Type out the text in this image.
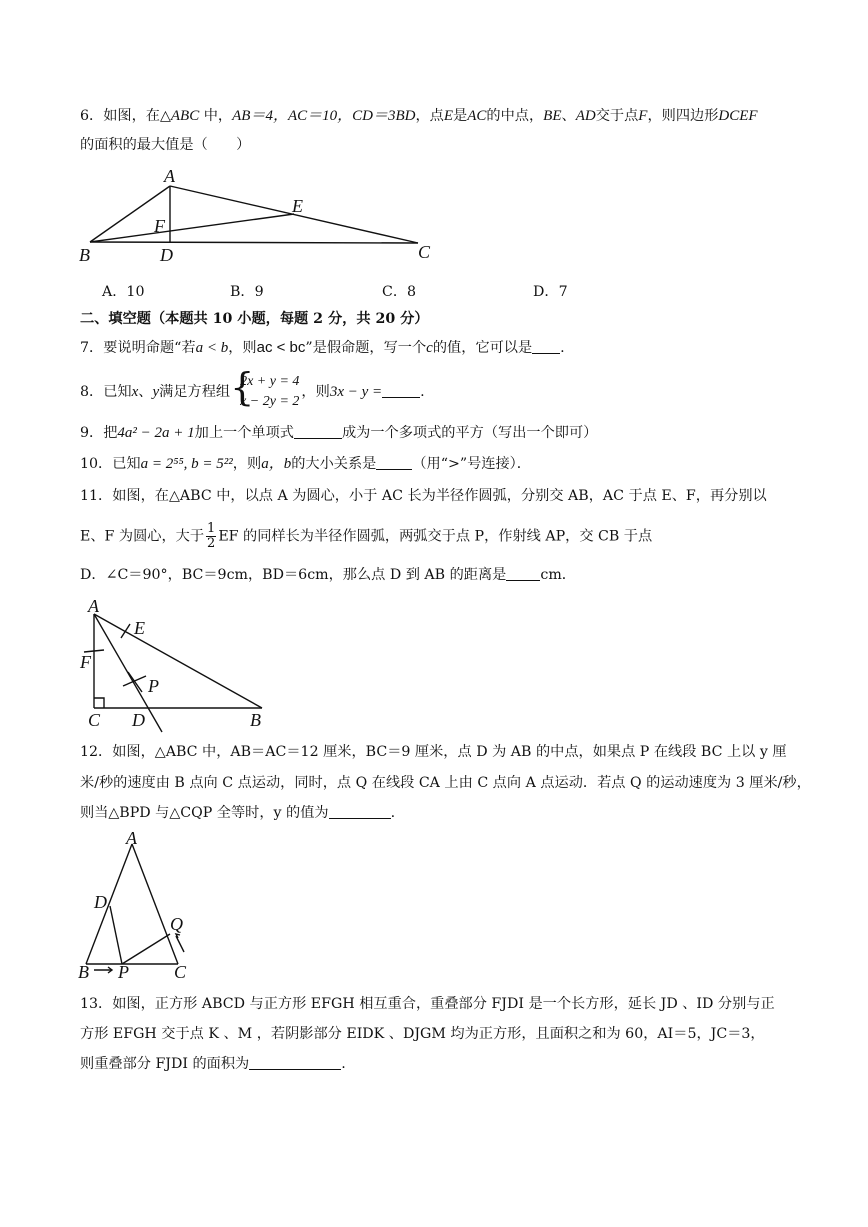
6．如图，在△ABC 中，AB＝4，AC＝10，CD＝3BD，点E是AC的中点，BE、AD交于点F，则四边形DCEF
的面积的最大值是（　　）
A
B	C
D
E
F
A．10	B．9	C．8	D．7
二、填空题（本题共 10 小题，每题 2 分，共 20 分）
7．要说明命题“若a < b，则ac < bc”是假命题，写一个c的值，它可以是 .
8．已知x、y满足方程组 {
2x + y = 4
x − 2y = 2
，则3x − y =	.
9．把4a² − 2a + 1加上一个单项式	成为一个多项式的平方（写出一个即可）
10．已知a = 2⁵⁵, b = 5²²，则a，b的大小关系是	（用“>”号连接）．
11．如图，在△ABC 中，以点 A 为圆心，小于 AC 长为半径作圆弧，分别交 AB，AC 于点 E、F，再分别以
E、F 为圆心，大于 $\frac{1}{2}$ EF 的同样长为半径作圆弧，两弧交于点 P，作射线 AP，交 CB 于点
D．∠C＝90°，BC＝9cm，BD＝6cm，那么点 D 到 AB 的距离是 cm．
A
E
F
P
C D	B
12．如图，△ABC 中，AB＝AC＝12 厘米，BC＝9 厘米，点 D 为 AB 的中点，如果点 P 在线段 BC 上以 y 厘
米/秒的速度由 B 点向 C 点运动，同时，点 Q 在线段 CA 上由 C 点向 A 点运动．若点 Q 的运动速度为 3 厘米/秒，
则当△BPD 与△CQP 全等时，y 的值为	.
A
D
Q
B P	C
13．如图，正方形 ABCD 与正方形 EFGH 相互重合，重叠部分 FJDI 是一个长方形，延长 JD 、ID 分别与正
方形 EFGH 交于点 K 、M ，若阴影部分 EIDK 、DJGM 均为正方形，且面积之和为 60，AI＝5，JC＝3，
则重叠部分 FJDI 的面积为	.
